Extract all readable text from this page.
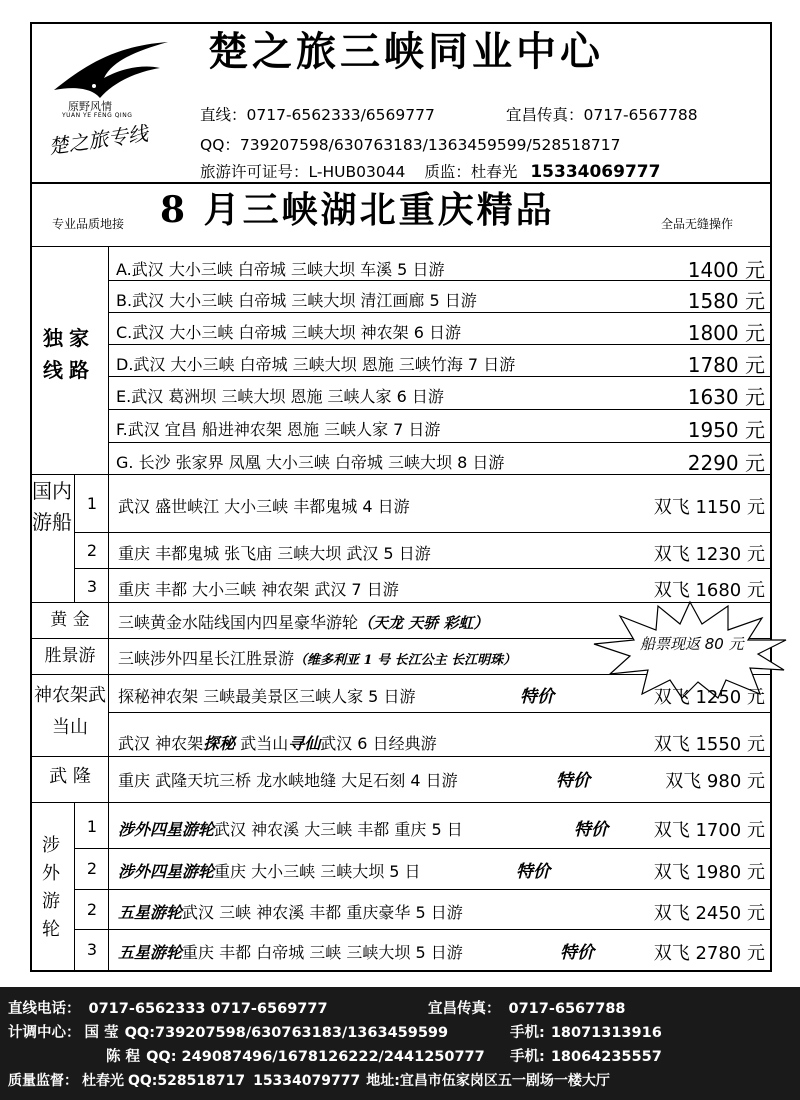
原野风情
YUAN YE FENG QING
楚之旅专线
楚之旅三峡同业中心
直线：0717-6562333/6569777	宜昌传真：0717-6567788
QQ：739207598/630763183/1363459599/528518717
旅游许可证号：L-HUB03044 质监：杜春光 15334069777
专业品质地接 8 月三峡湖北重庆精品	全品无缝操作
独家线路
A.武汉 大小三峡 白帝城 三峡大坝 车溪 5 日游	1400 元
B.武汉 大小三峡 白帝城 三峡大坝 清江画廊 5 日游	1580 元
C.武汉 大小三峡 白帝城 三峡大坝 神农架 6 日游	1800 元
D.武汉 大小三峡 白帝城 三峡大坝 恩施 三峡竹海 7 日游	1780 元
E.武汉 葛洲坝 三峡大坝 恩施 三峡人家 6 日游	1630 元
F.武汉 宜昌 船进神农架 恩施 三峡人家 7 日游	1950 元
G. 长沙 张家界 凤凰 大小三峡 白帝城 三峡大坝 8 日游	2290 元
国内游船
1	武汉 盛世峡江 大小三峡 丰都鬼城 4 日游	双飞 1150 元
2	重庆 丰都鬼城 张飞庙 三峡大坝 武汉 5 日游	双飞 1230 元
3	重庆 丰都 大小三峡 神农架 武汉 7 日游	双飞 1680 元
黄 金	三峡黄金水陆线国内四星豪华游轮（天龙 天骄 彩虹）
胜景游	三峡涉外四星长江胜景游（维多利亚 1 号 长江公主 长江明珠）
船票现返 80 元
神农架武当山
探秘神农架 三峡最美景区三峡人家 5 日游	特价	双飞 1250 元
武汉 神农架探秘 武当山寻仙武汉 6 日经典游	双飞 1550 元
武 隆	重庆 武隆天坑三桥 龙水峡地缝 大足石刻 4 日游	特价	双飞 980 元
涉外游轮
1	涉外四星游轮武汉 神农溪 大三峡 丰都 重庆 5 日	特价	双飞 1700 元
2	涉外四星游轮重庆 大小三峡 三峡大坝 5 日	特价	双飞 1980 元
2	五星游轮武汉 三峡 神农溪 丰都 重庆豪华 5 日游	双飞 2450 元
3	五星游轮重庆 丰都 白帝城 三峡 三峡大坝 5 日游	特价	双飞 2780 元
直线电话： 0717-6562333 0717-6569777	宜昌传真： 0717-6567788
计调中心： 国 莹 QQ:739207598/630763183/1363459599	手机: 18071313916
陈 程 QQ: 249087496/1678126222/2441250777 手机: 18064235557
质量监督： 杜春光 QQ:528518717 15334079777 地址:宜昌市伍家岗区五一剧场一楼大厅
